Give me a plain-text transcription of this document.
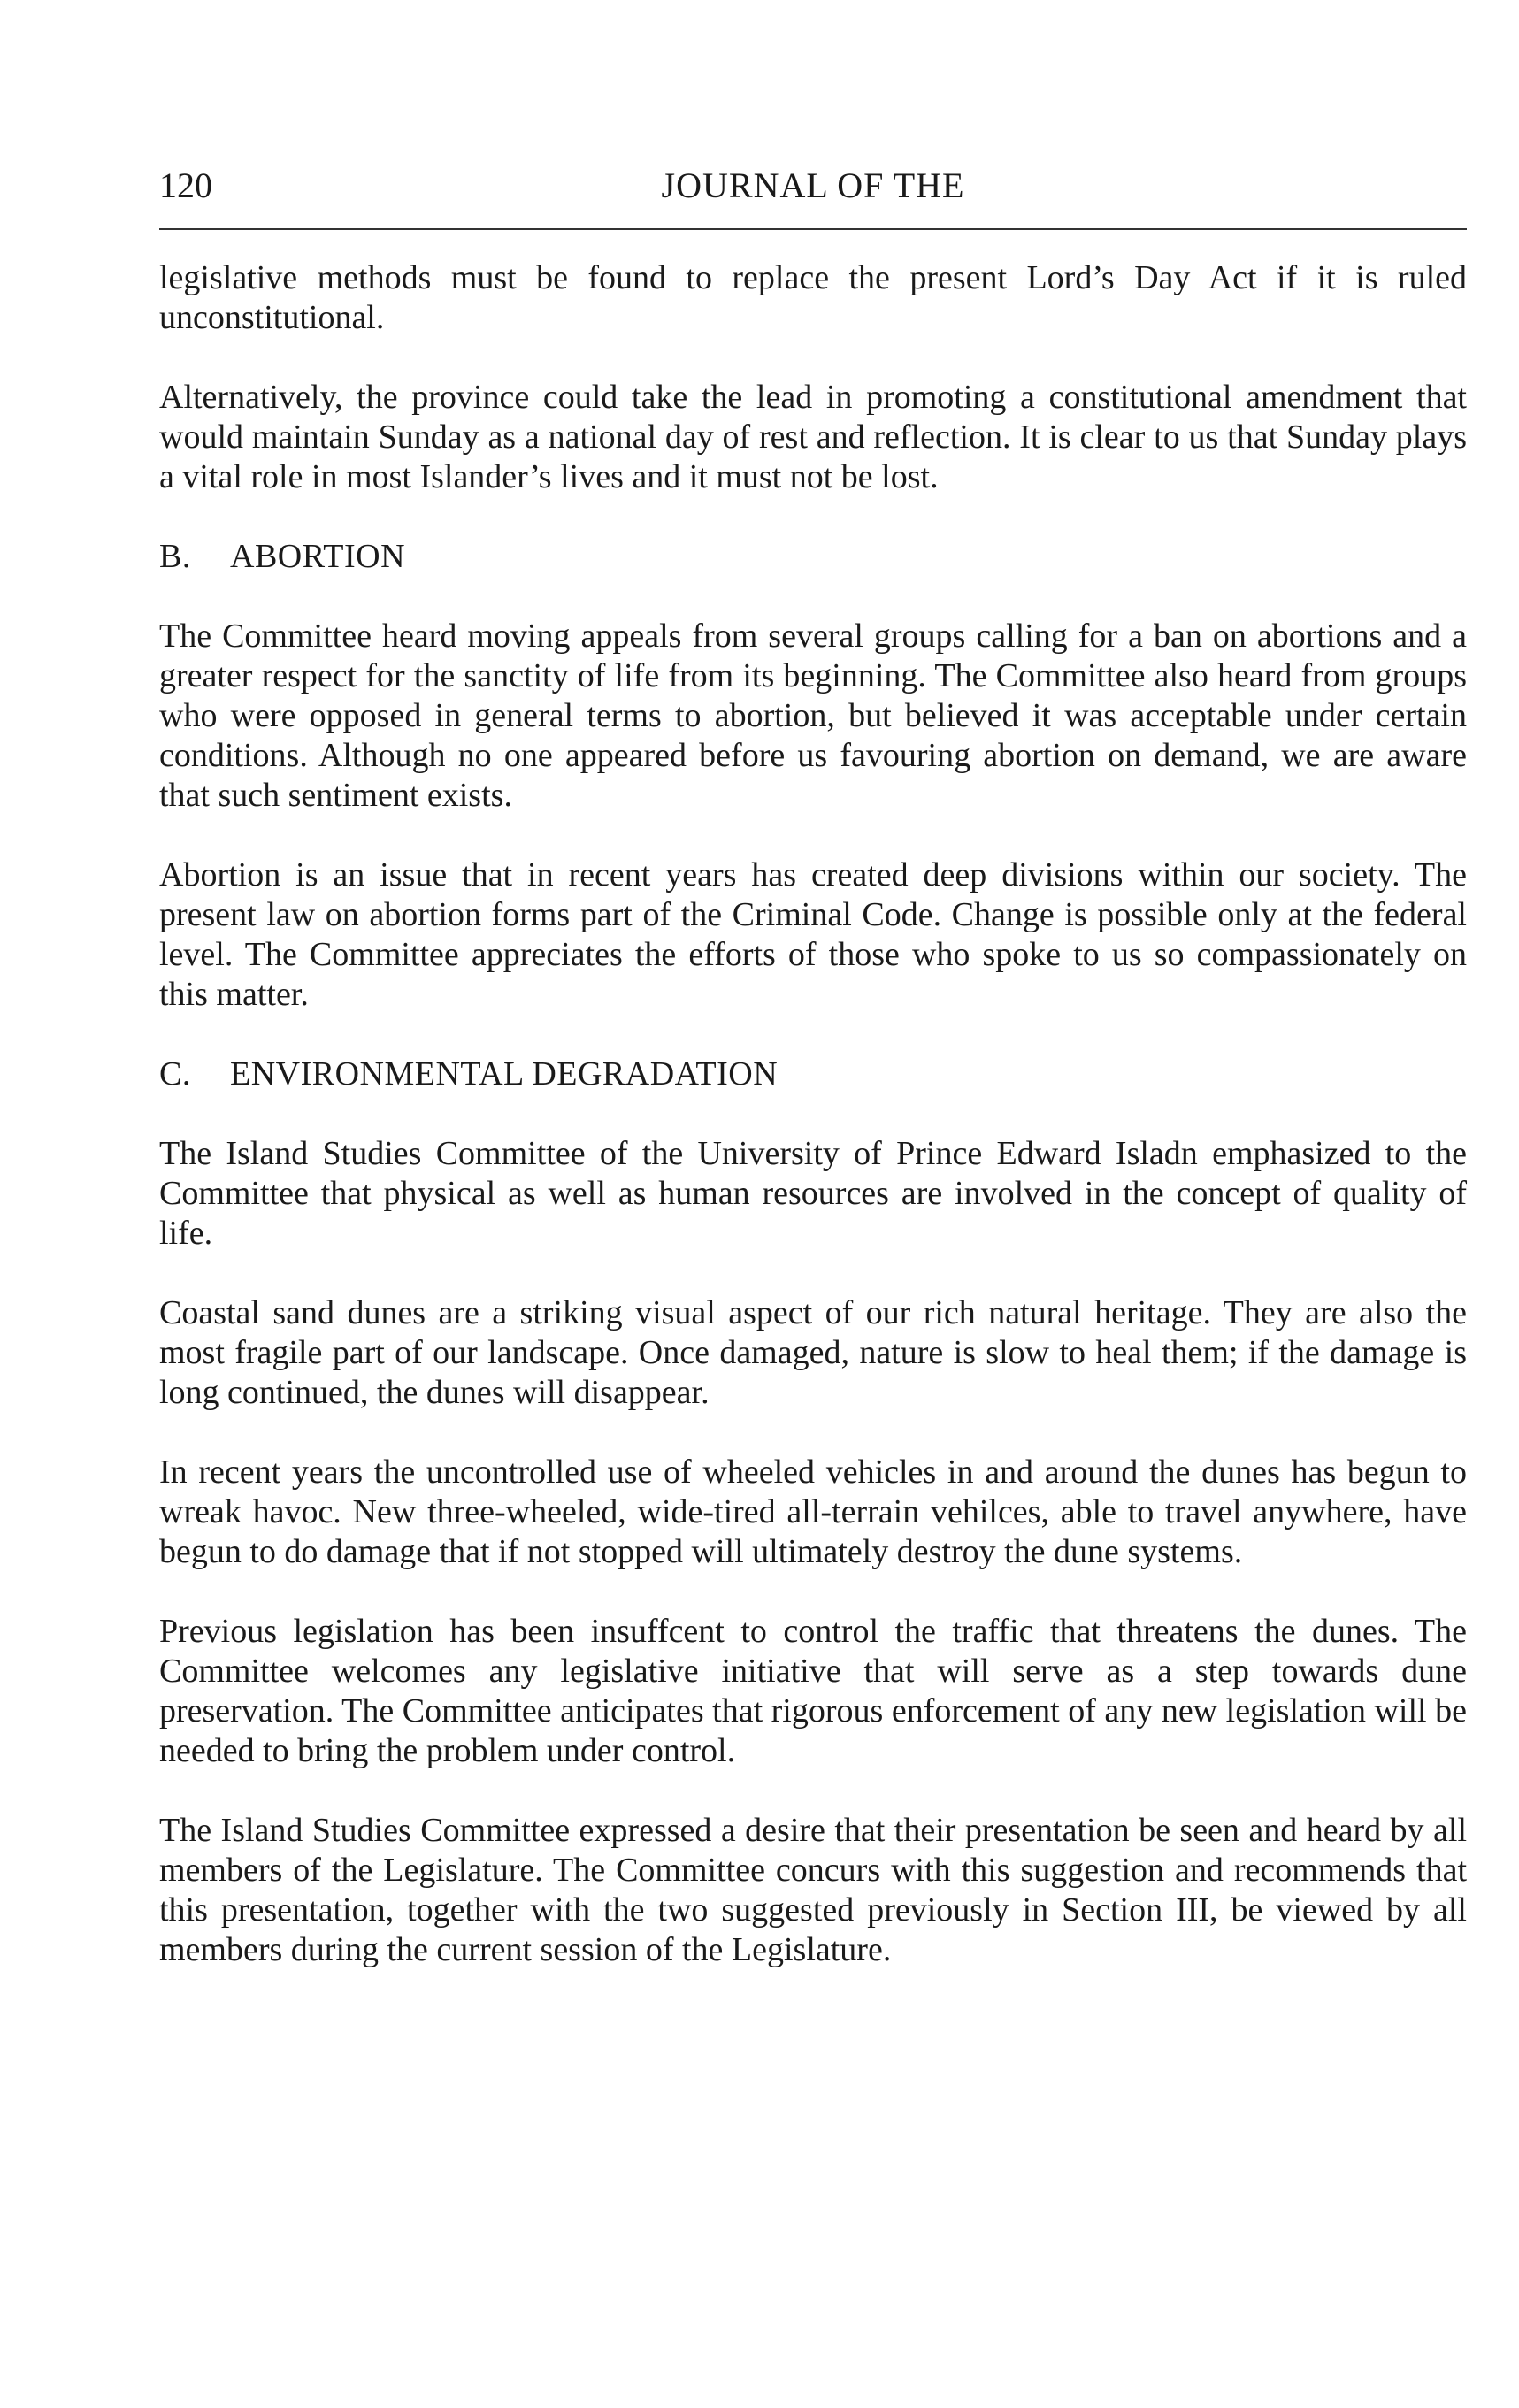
120	JOURNAL OF THE

legislative methods must be found to replace the present Lord’s Day Act if it is ruled unconstitutional.

Alternatively, the province could take the lead in promoting a constitutional amendment that would maintain Sunday as a national day of rest and reflection. It is clear to us that Sunday plays a vital role in most Islander’s lives and it must not be lost.

B. ABORTION

The Committee heard moving appeals from several groups calling for a ban on abortions and a greater respect for the sanctity of life from its beginning. The Committee also heard from groups who were opposed in general terms to abortion, but believed it was acceptable under certain conditions. Although no one appeared before us favouring abortion on demand, we are aware that such sentiment exists.

Abortion is an issue that in recent years has created deep divisions within our society. The present law on abortion forms part of the Criminal Code. Change is possible only at the federal level. The Committee appreciates the efforts of those who spoke to us so compassionately on this matter.

C. ENVIRONMENTAL DEGRADATION

The Island Studies Committee of the University of Prince Edward Isladn emphasized to the Committee that physical as well as human resources are involved in the concept of quality of life.

Coastal sand dunes are a striking visual aspect of our rich natural heritage. They are also the most fragile part of our landscape. Once damaged, nature is slow to heal them; if the damage is long continued, the dunes will disappear.

In recent years the uncontrolled use of wheeled vehicles in and around the dunes has begun to wreak havoc. New three-wheeled, wide-tired all-terrain vehilces, able to travel anywhere, have begun to do damage that if not stopped will ultimately destroy the dune systems.

Previous legislation has been insuffcent to control the traffic that threatens the dunes. The Committee welcomes any legislative initiative that will serve as a step towards dune preservation. The Committee anticipates that rigorous enforcement of any new legislation will be needed to bring the problem under control.

The Island Studies Committee expressed a desire that their presentation be seen and heard by all members of the Legislature. The Committee concurs with this suggestion and recommends that this presentation, together with the two suggested previously in Section III, be viewed by all members during the current session of the Legislature.
